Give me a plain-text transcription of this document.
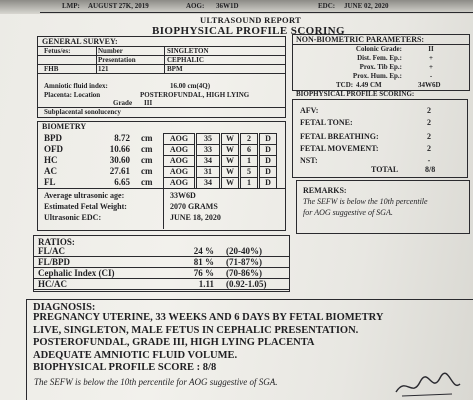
LMP: AUGUST 27K, 2019	AOG: 36W1D	EDC: JUNE 02, 2020
ULTRASOUND REPORT
BIOPHYSICAL PROFILE SCORING
GENERAL SURVEY:
Fetus/es:	Number	SINGLETON
Presentation	CEPHALIC
FHB	121	BPM
Amniotic fluid index:	16.00 cm(4Q)
Placenta: Location	POSTEROFUNDAL, HIGH LYING
Grade III
Subplacental sonolucency
BIOMETRY
Average ultrasonic age:	33W6D
Estimated Fetal Weight:	2070 GRAMS
Ultrasonic EDC:	JUNE 18, 2020
RATIOS:
NON-BIOMETRIC PARAMETERS:
TCD: 4.49 CM	34W6D
BIOPHYSICAL PROFILE SCORING:
TOTAL	8/8
REMARKS:
The SEFW is below the 10th percentile
for AOG suggestive of SGA.
DIAGNOSIS:
The SEFW is below the 10th percentile for AOG suggestive of SGA.
BPD	8.72 cm	AOG	35	W	2	D
OFD	10.66 cm	AOG	33	W	6	D
HC	30.60 cm	AOG	34	W	1	D
AC	27.61 cm	AOG	31	W	5	D
FL	6.65 cm	AOG	34	W	1	D
FL/AC	24 % (20-40%)
FL/BPD	81 % (71-87%)
Cephalic Index (CI)	76 % (70-86%)
HC/AC	1.11 (0.92-1.05)
Colonic Grade:	II
Dist. Fem. Ep.:	+
Prox. Tib Ep.:	+
Prox. Hum. Ep.:	-
AFV:	2
FETAL TONE:	2
FETAL BREATHING:	2
FETAL MOVEMENT:	2
NST:	-
PREGNANCY UTERINE, 33 WEEKS AND 6 DAYS BY FETAL BIOMETRY
LIVE, SINGLETON, MALE FETUS IN CEPHALIC PRESENTATION.
POSTEROFUNDAL, GRADE III, HIGH LYING PLACENTA
ADEQUATE AMNIOTIC FLUID VOLUME.
BIOPHYSICAL PROFILE SCORE : 8/8
